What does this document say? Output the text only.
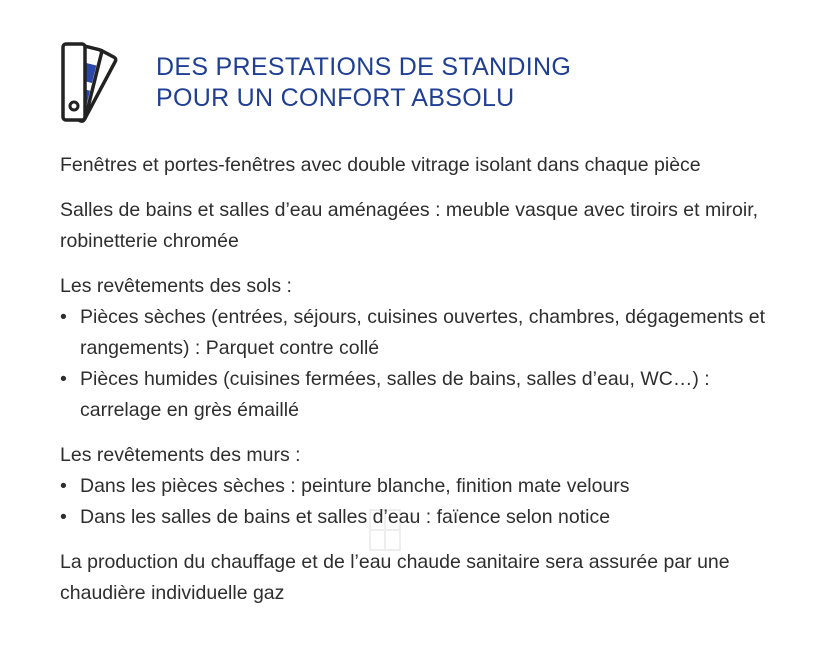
DES PRESTATIONS DE STANDING
POUR UN CONFORT ABSOLU

Fenêtres et portes-fenêtres avec double vitrage isolant dans chaque pièce

Salles de bains et salles d’eau aménagées : meuble vasque avec tiroirs et miroir, robinetterie chromée

Les revêtements des sols :
• Pièces sèches (entrées, séjours, cuisines ouvertes, chambres, dégagements et rangements) : Parquet contre collé
• Pièces humides (cuisines fermées, salles de bains, salles d’eau, WC…) : carrelage en grès émaillé
Les revêtements des murs :
• Dans les pièces sèches : peinture blanche, finition mate velours
• Dans les salles de bains et salles d’eau : faïence selon notice

La production du chauffage et de l’eau chaude sanitaire sera assurée par une chaudière individuelle gaz
